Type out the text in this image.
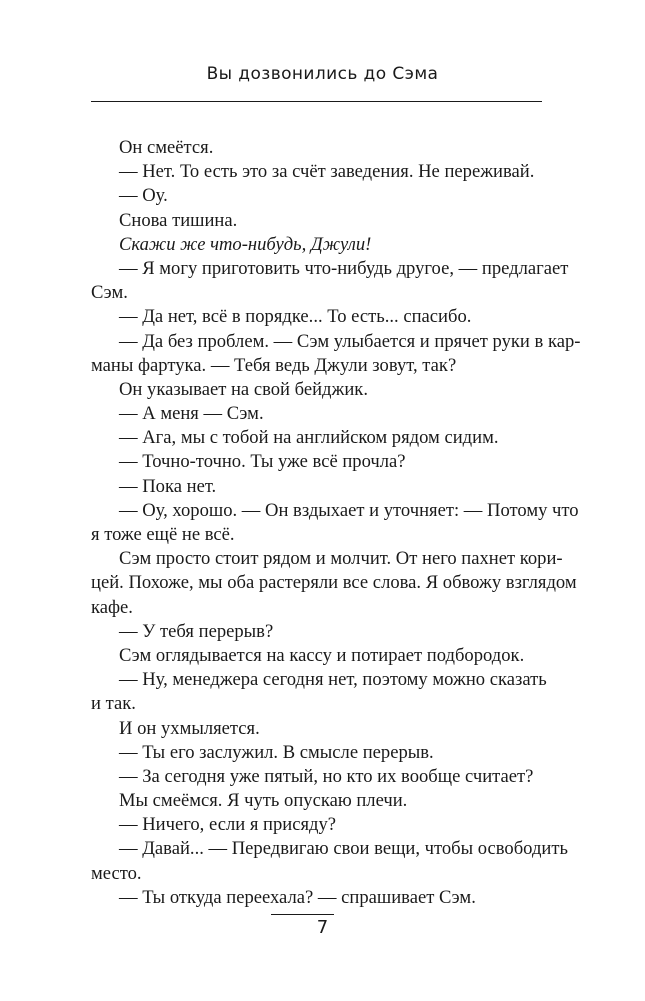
Вы дозвонились до Сэма
Он смеётся.
— Нет. То есть это за счёт заведения. Не переживай.
— Оу.
Снова тишина.
Скажи же что-нибудь, Джули!
— Я могу приготовить что-нибудь другое, — предлагает
Сэм.
— Да нет, всё в порядке... То есть... спасибо.
— Да без проблем. — Сэм улыбается и прячет руки в кар-
маны фартука. — Тебя ведь Джули зовут, так?
Он указывает на свой бейджик.
— А меня — Сэм.
— Ага, мы с тобой на английском рядом сидим.
— Точно-точно. Ты уже всё прочла?
— Пока нет.
— Оу, хорошо. — Он вздыхает и уточняет: — Потому что
я тоже ещё не всё.
Сэм просто стоит рядом и молчит. От него пахнет кори-
цей. Похоже, мы оба растеряли все слова. Я обвожу взглядом
кафе.
— У тебя перерыв?
Сэм оглядывается на кассу и потирает подбородок.
— Ну, менеджера сегодня нет, поэтому можно сказать
и так.
И он ухмыляется.
— Ты его заслужил. В смысле перерыв.
— За сегодня уже пятый, но кто их вообще считает?
Мы смеёмся. Я чуть опускаю плечи.
— Ничего, если я присяду?
— Давай... — Передвигаю свои вещи, чтобы освободить
место.
— Ты откуда переехала? — спрашивает Сэм.
7
